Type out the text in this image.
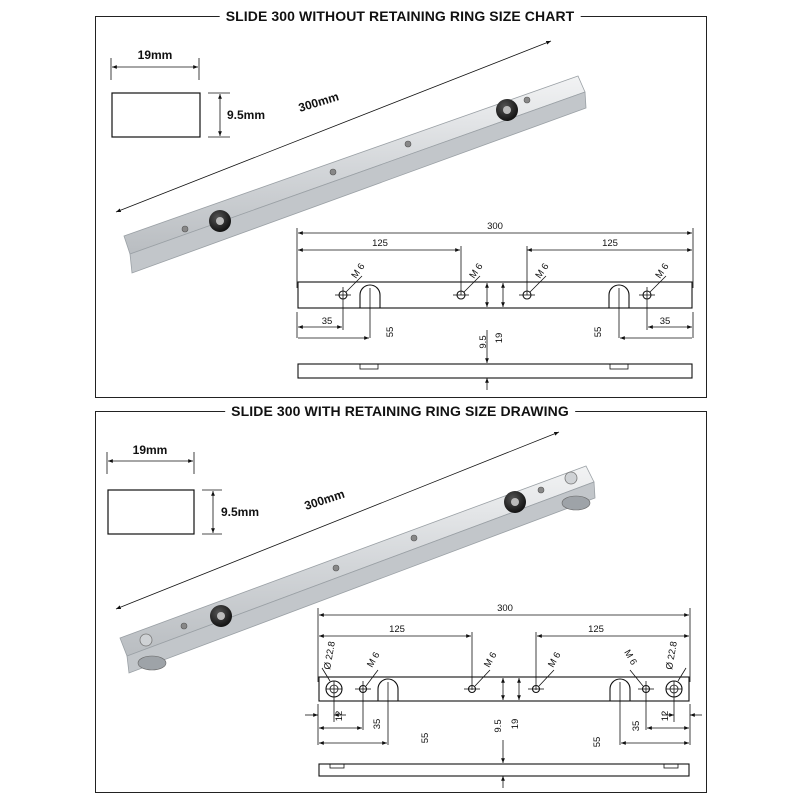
SLIDE 300 WITHOUT RETAINING RING SIZE CHART
SLIDE 300 WITH RETAINING RING SIZE DRAWING
19mm
9.5mm
300mm
300
125	125
M 6	M 6	M 6	M 6
35
55	55
35
9.5 19
19mm
9.5mm	300mm
300
125	125
Ø 22.8	Ø 22.8
M 6	M 6	M 6	M 6
12
35
55	55
35
12
9.5 19
